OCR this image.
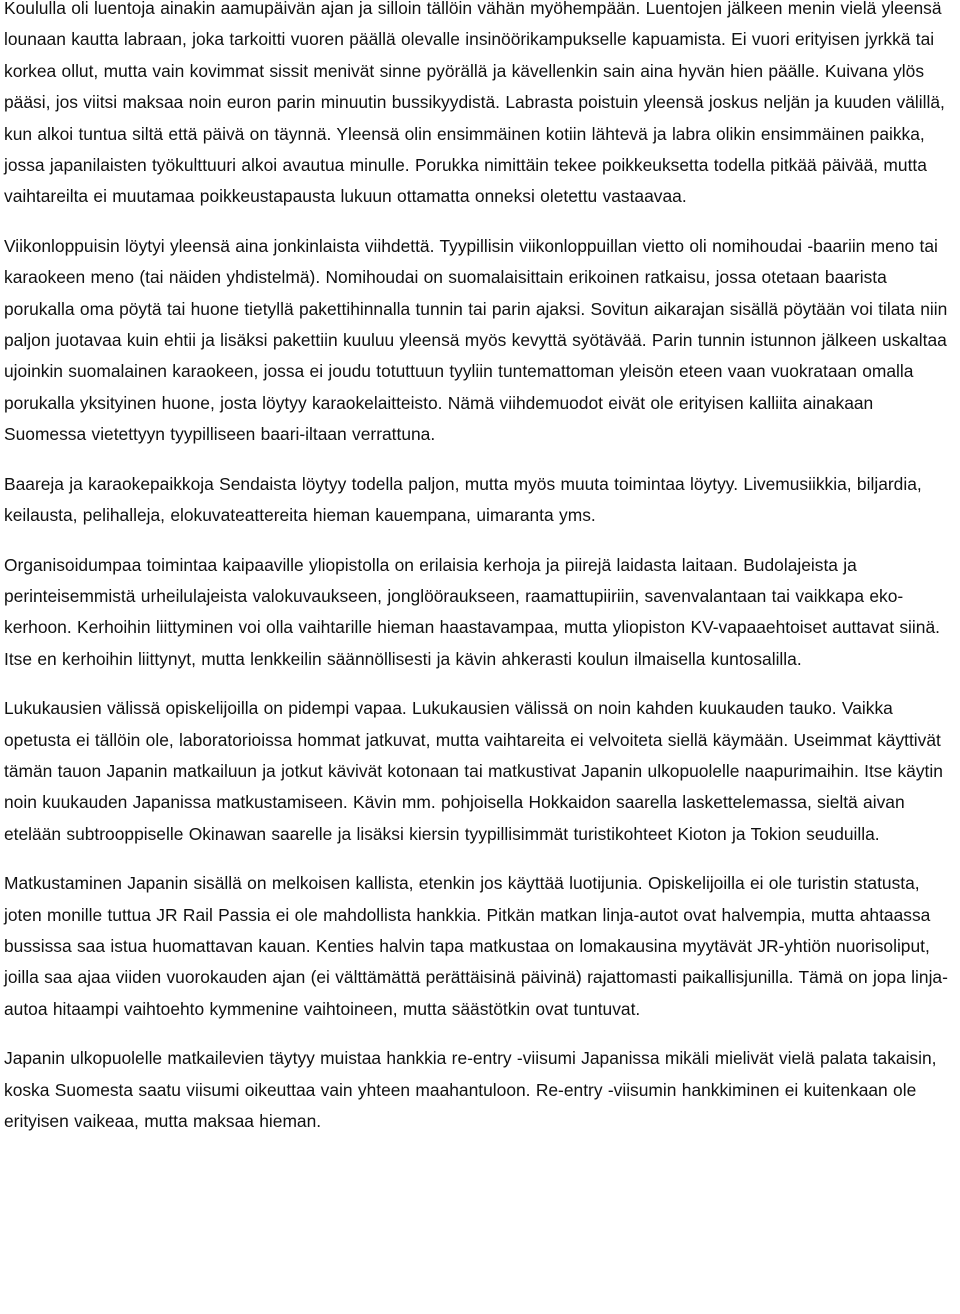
Koululla oli luentoja ainakin aamupäivän ajan ja silloin tällöin vähän myöhempään. Luentojen jälkeen menin vielä yleensä lounaan kautta labraan, joka tarkoitti vuoren päällä olevalle insinöörikampukselle kapuamista. Ei vuori erityisen jyrkkä tai korkea ollut, mutta vain kovimmat sissit menivät sinne pyörällä ja kävellenkin sain aina hyvän hien päälle. Kuivana ylös pääsi, jos viitsi maksaa noin euron parin minuutin bussikyydistä. Labrasta poistuin yleensä joskus neljän ja kuuden välillä, kun alkoi tuntua siltä että päivä on täynnä. Yleensä olin ensimmäinen kotiin lähtevä ja labra olikin ensimmäinen paikka, jossa japanilaisten työkulttuuri alkoi avautua minulle. Porukka nimittäin tekee poikkeuksetta todella pitkää päivää, mutta vaihtareilta ei muutamaa poikkeustapausta lukuun ottamatta onneksi oletettu vastaavaa.

Viikonloppuisin löytyi yleensä aina jonkinlaista viihdettä. Tyypillisin viikonloppuillan vietto oli nomihoudai -baariin meno tai karaokeen meno (tai näiden yhdistelmä). Nomihoudai on suomalaisittain erikoinen ratkaisu, jossa otetaan baarista porukalla oma pöytä tai huone tietyllä pakettihinnalla tunnin tai parin ajaksi. Sovitun aikarajan sisällä pöytään voi tilata niin paljon juotavaa kuin ehtii ja lisäksi pakettiin kuuluu yleensä myös kevyttä syötävää. Parin tunnin istunnon jälkeen uskaltaa ujoinkin suomalainen karaokeen, jossa ei joudu totuttuun tyyliin tuntemattoman yleisön eteen vaan vuokrataan omalla porukalla yksityinen huone, josta löytyy karaokelaitteisto. Nämä viihdemuodot eivät ole erityisen kalliita ainakaan Suomessa vietettyyn tyypilliseen baari-iltaan verrattuna.

Baareja ja karaokepaikkoja Sendaista löytyy todella paljon, mutta myös muuta toimintaa löytyy. Livemusiikkia, biljardia, keilausta, pelihalleja, elokuvateattereita hieman kauempana, uimaranta yms.

Organisoidumpaa toimintaa kaipaaville yliopistolla on erilaisia kerhoja ja piirejä laidasta laitaan. Budolajeista ja perinteisemmistä urheilulajeista valokuvaukseen, jonglööraukseen, raamattupiiriin, savenvalantaan tai vaikkapa eko-kerhoon. Kerhoihin liittyminen voi olla vaihtarille hieman haastavampaa, mutta yliopiston KV-vapaaehtoiset auttavat siinä. Itse en kerhoihin liittynyt, mutta lenkkeilin säännöllisesti ja kävin ahkerasti koulun ilmaisella kuntosalilla.

Lukukausien välissä opiskelijoilla on pidempi vapaa. Lukukausien välissä on noin kahden kuukauden tauko. Vaikka opetusta ei tällöin ole, laboratorioissa hommat jatkuvat, mutta vaihtareita ei velvoiteta siellä käymään. Useimmat käyttivät tämän tauon Japanin matkailuun ja jotkut kävivät kotonaan tai matkustivat Japanin ulkopuolelle naapurimaihin. Itse käytin noin kuukauden Japanissa matkustamiseen. Kävin mm. pohjoisella Hokkaidon saarella laskettelemassa, sieltä aivan etelään subtrooppiselle Okinawan saarelle ja lisäksi kiersin tyypillisimmät turistikohteet Kioton ja Tokion seuduilla.

Matkustaminen Japanin sisällä on melkoisen kallista, etenkin jos käyttää luotijunia. Opiskelijoilla ei ole turistin statusta, joten monille tuttua JR Rail Passia ei ole mahdollista hankkia. Pitkän matkan linja-autot ovat halvempia, mutta ahtaassa bussissa saa istua huomattavan kauan. Kenties halvin tapa matkustaa on lomakausina myytävät JR-yhtiön nuorisoliput, joilla saa ajaa viiden vuorokauden ajan (ei välttämättä perättäisinä päivinä) rajattomasti paikallisjunilla. Tämä on jopa linja-autoa hitaampi vaihtoehto kymmenine vaihtoineen, mutta säästötkin ovat tuntuvat.

Japanin ulkopuolelle matkailevien täytyy muistaa hankkia re-entry -viisumi Japanissa mikäli mielivät vielä palata takaisin, koska Suomesta saatu viisumi oikeuttaa vain yhteen maahantuloon. Re-entry -viisumin hankkiminen ei kuitenkaan ole erityisen vaikeaa, mutta maksaa hieman.
